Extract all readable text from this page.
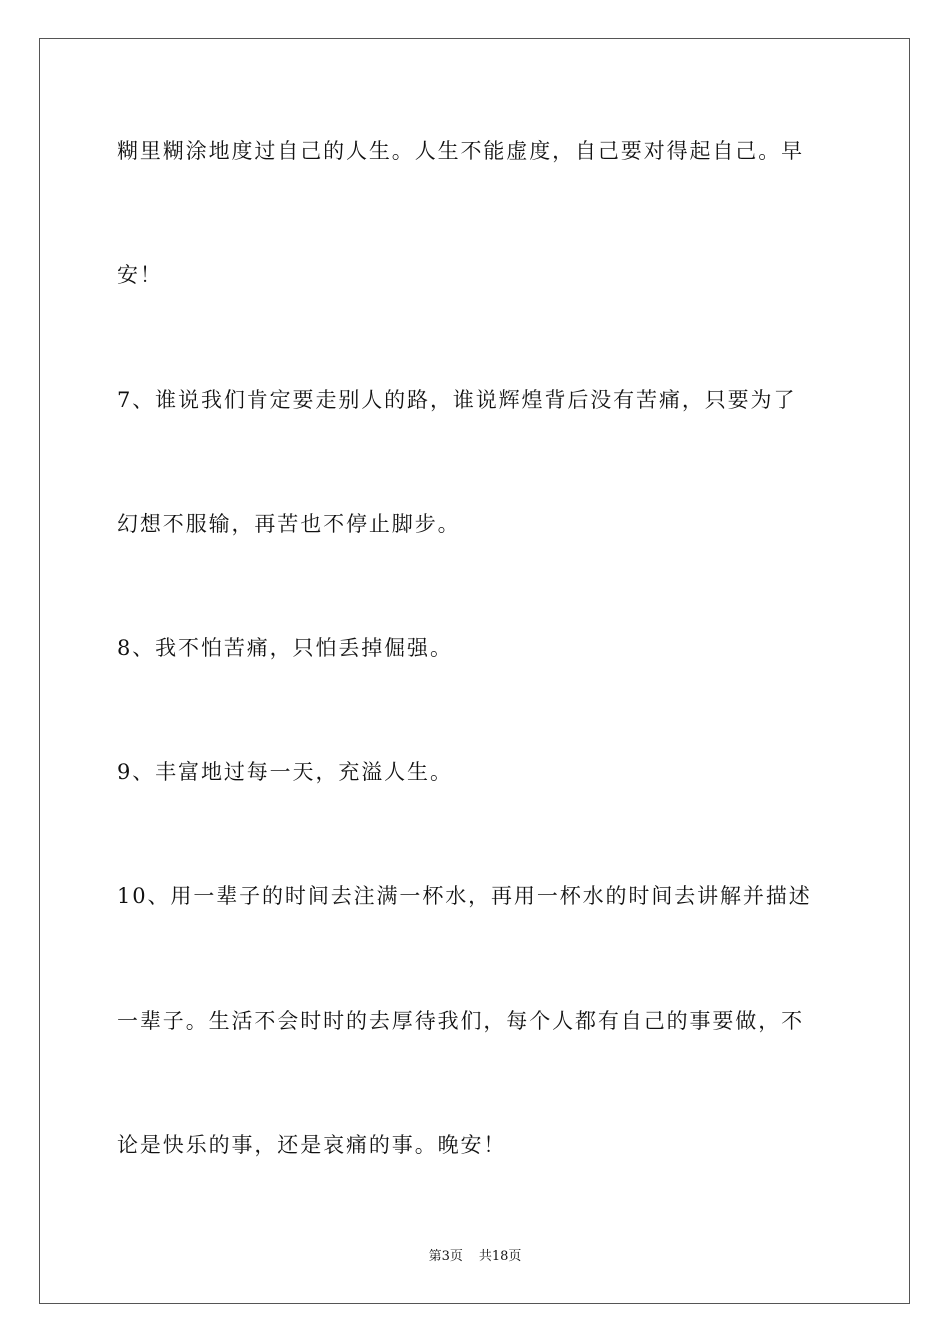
糊里糊涂地度过自己的人生。人生不能虚度，自己要对得起自己。早
安！
7、谁说我们肯定要走别人的路，谁说辉煌背后没有苦痛，只要为了
幻想不服输，再苦也不停止脚步。
8、我不怕苦痛，只怕丢掉倔强。
9、丰富地过每一天，充溢人生。
10、用一辈子的时间去注满一杯水，再用一杯水的时间去讲解并描述
一辈子。生活不会时时的去厚待我们，每个人都有自己的事要做，不
论是快乐的事，还是哀痛的事。晚安！
第3页 共18页
